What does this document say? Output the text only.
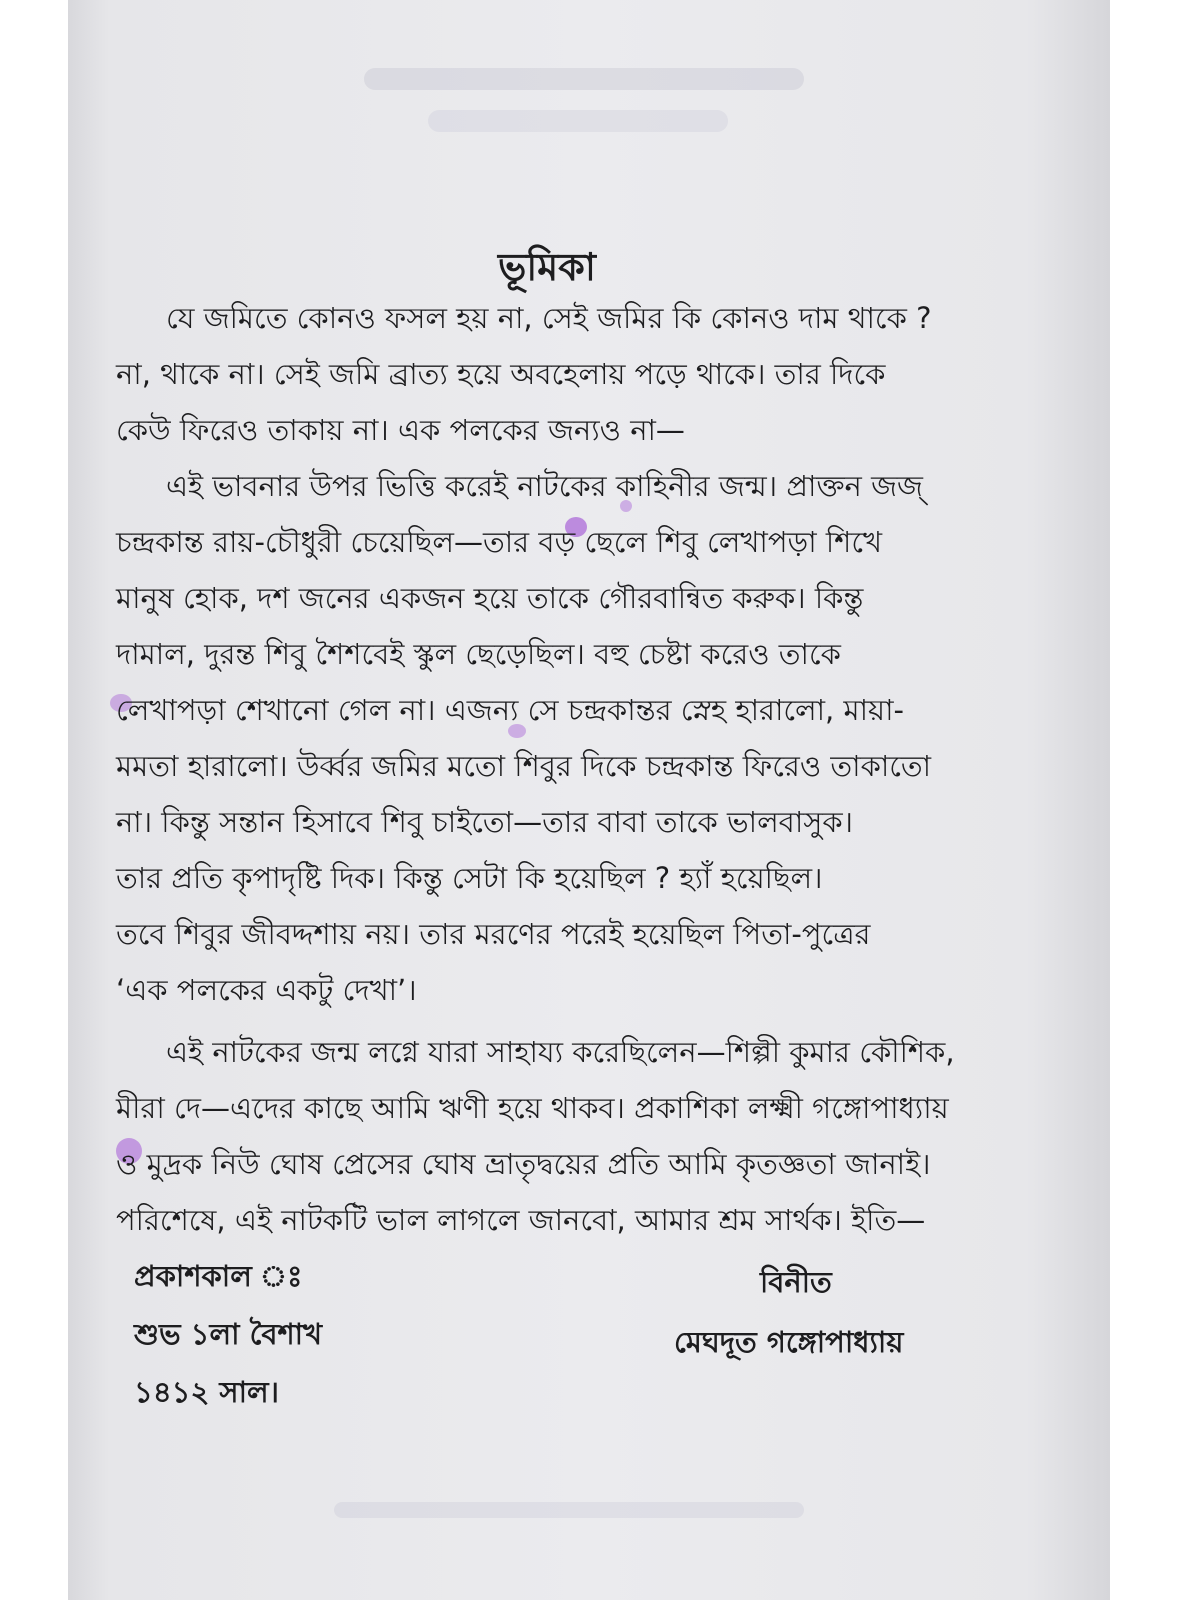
ভূমিকা
যে জমিতে কোনও ফসল হয় না, সেই জমির কি কোনও দাম থাকে ?
না, থাকে না। সেই জমি ব্রাত্য হয়ে অবহেলায় পড়ে থাকে। তার দিকে
কেউ ফিরেও তাকায় না। এক পলকের জন্যও না—
এই ভাবনার উপর ভিত্তি করেই নাটকের কাহিনীর জন্ম। প্রাক্তন জজ্
চন্দ্রকান্ত রায়-চৌধুরী চেয়েছিল—তার বড় ছেলে শিবু লেখাপড়া শিখে
মানুষ হোক, দশ জনের একজন হয়ে তাকে গৌরবান্বিত করুক। কিন্তু
দামাল, দুরন্ত শিবু শৈশবেই স্কুল ছেড়েছিল। বহু চেষ্টা করেও তাকে
লেখাপড়া শেখানো গেল না। এজন্য সে চন্দ্রকান্তর স্নেহ হারালো, মায়া-
মমতা হারালো। উর্ব্বর জমির মতো শিবুর দিকে চন্দ্রকান্ত ফিরেও তাকাতো
না। কিন্তু সন্তান হিসাবে শিবু চাইতো—তার বাবা তাকে ভালবাসুক।
তার প্রতি কৃপাদৃষ্টি দিক। কিন্তু সেটা কি হয়েছিল ? হ্যাঁ হয়েছিল।
তবে শিবুর জীবদ্দশায় নয়। তার মরণের পরেই হয়েছিল পিতা-পুত্রের
‘এক পলকের একটু দেখা’।
এই নাটকের জন্ম লগ্নে যারা সাহায্য করেছিলেন—শিল্পী কুমার কৌশিক,
মীরা দে—এদের কাছে আমি ঋণী হয়ে থাকব। প্রকাশিকা লক্ষ্মী গঙ্গোপাধ্যায়
ও মুদ্রক নিউ ঘোষ প্রেসের ঘোষ ভ্রাতৃদ্বয়ের প্রতি আমি কৃতজ্ঞতা জানাই।
পরিশেষে, এই নাটকটি ভাল লাগলে জানবো, আমার শ্রম সার্থক। ইতি—
প্রকাশকাল ঃ
শুভ ১লা বৈশাখ
১৪১২ সাল।
বিনীত
মেঘদূত গঙ্গোপাধ্যায়
